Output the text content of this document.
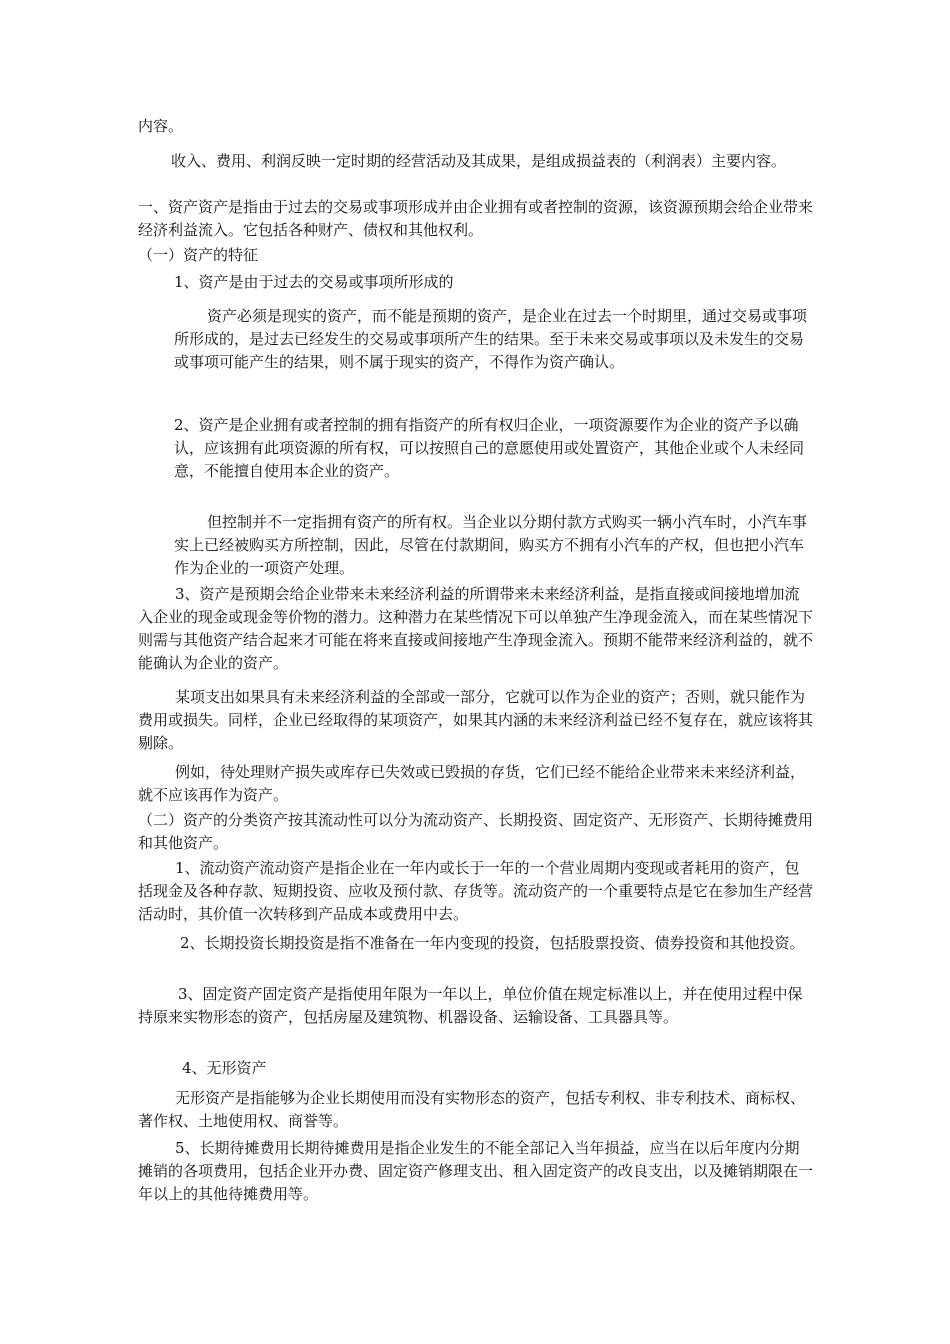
内容。

收入、费用、利润反映一定时期的经营活动及其成果，是组成损益表的（利润表）主要内容。

一、资产资产是指由于过去的交易或事项形成并由企业拥有或者控制的资源，该资源预期会给企业带来经济利益流入。它包括各种财产、债权和其他权利。

（一）资产的特征

1、资产是由于过去的交易或事项所形成的

资产必须是现实的资产，而不能是预期的资产，是企业在过去一个时期里，通过交易或事项所形成的，是过去已经发生的交易或事项所产生的结果。至于未来交易或事项以及未发生的交易或事项可能产生的结果，则不属于现实的资产，不得作为资产确认。

2、资产是企业拥有或者控制的拥有指资产的所有权归企业，一项资源要作为企业的资产予以确认，应该拥有此项资源的所有权，可以按照自己的意愿使用或处置资产，其他企业或个人未经同意，不能擅自使用本企业的资产。

但控制并不一定指拥有资产的所有权。当企业以分期付款方式购买一辆小汽车时，小汽车事实上已经被购买方所控制，因此，尽管在付款期间，购买方不拥有小汽车的产权，但也把小汽车作为企业的一项资产处理。

3、资产是预期会给企业带来未来经济利益的所谓带来未来经济利益，是指直接或间接地增加流入企业的现金或现金等价物的潜力。这种潜力在某些情况下可以单独产生净现金流入，而在某些情况下则需与其他资产结合起来才可能在将来直接或间接地产生净现金流入。预期不能带来经济利益的，就不能确认为企业的资产。

某项支出如果具有未来经济利益的全部或一部分，它就可以作为企业的资产；否则，就只能作为费用或损失。同样，企业已经取得的某项资产，如果其内涵的未来经济利益已经不复存在，就应该将其剔除。

例如，待处理财产损失或库存已失效或已毁损的存货，它们已经不能给企业带来未来经济利益，就不应该再作为资产。

（二）资产的分类资产按其流动性可以分为流动资产、长期投资、固定资产、无形资产、长期待摊费用和其他资产。

1、流动资产流动资产是指企业在一年内或长于一年的一个营业周期内变现或者耗用的资产，包括现金及各种存款、短期投资、应收及预付款、存货等。流动资产的一个重要特点是它在参加生产经营活动时，其价值一次转移到产品成本或费用中去。

2、长期投资长期投资是指不准备在一年内变现的投资，包括股票投资、债券投资和其他投资。

3、固定资产固定资产是指使用年限为一年以上，单位价值在规定标准以上，并在使用过程中保持原来实物形态的资产，包括房屋及建筑物、机器设备、运输设备、工具器具等。

4、无形资产

无形资产是指能够为企业长期使用而没有实物形态的资产，包括专利权、非专利技术、商标权、著作权、土地使用权、商誉等。

5、长期待摊费用长期待摊费用是指企业发生的不能全部记入当年损益，应当在以后年度内分期摊销的各项费用，包括企业开办费、固定资产修理支出、租入固定资产的改良支出，以及摊销期限在一年以上的其他待摊费用等。
